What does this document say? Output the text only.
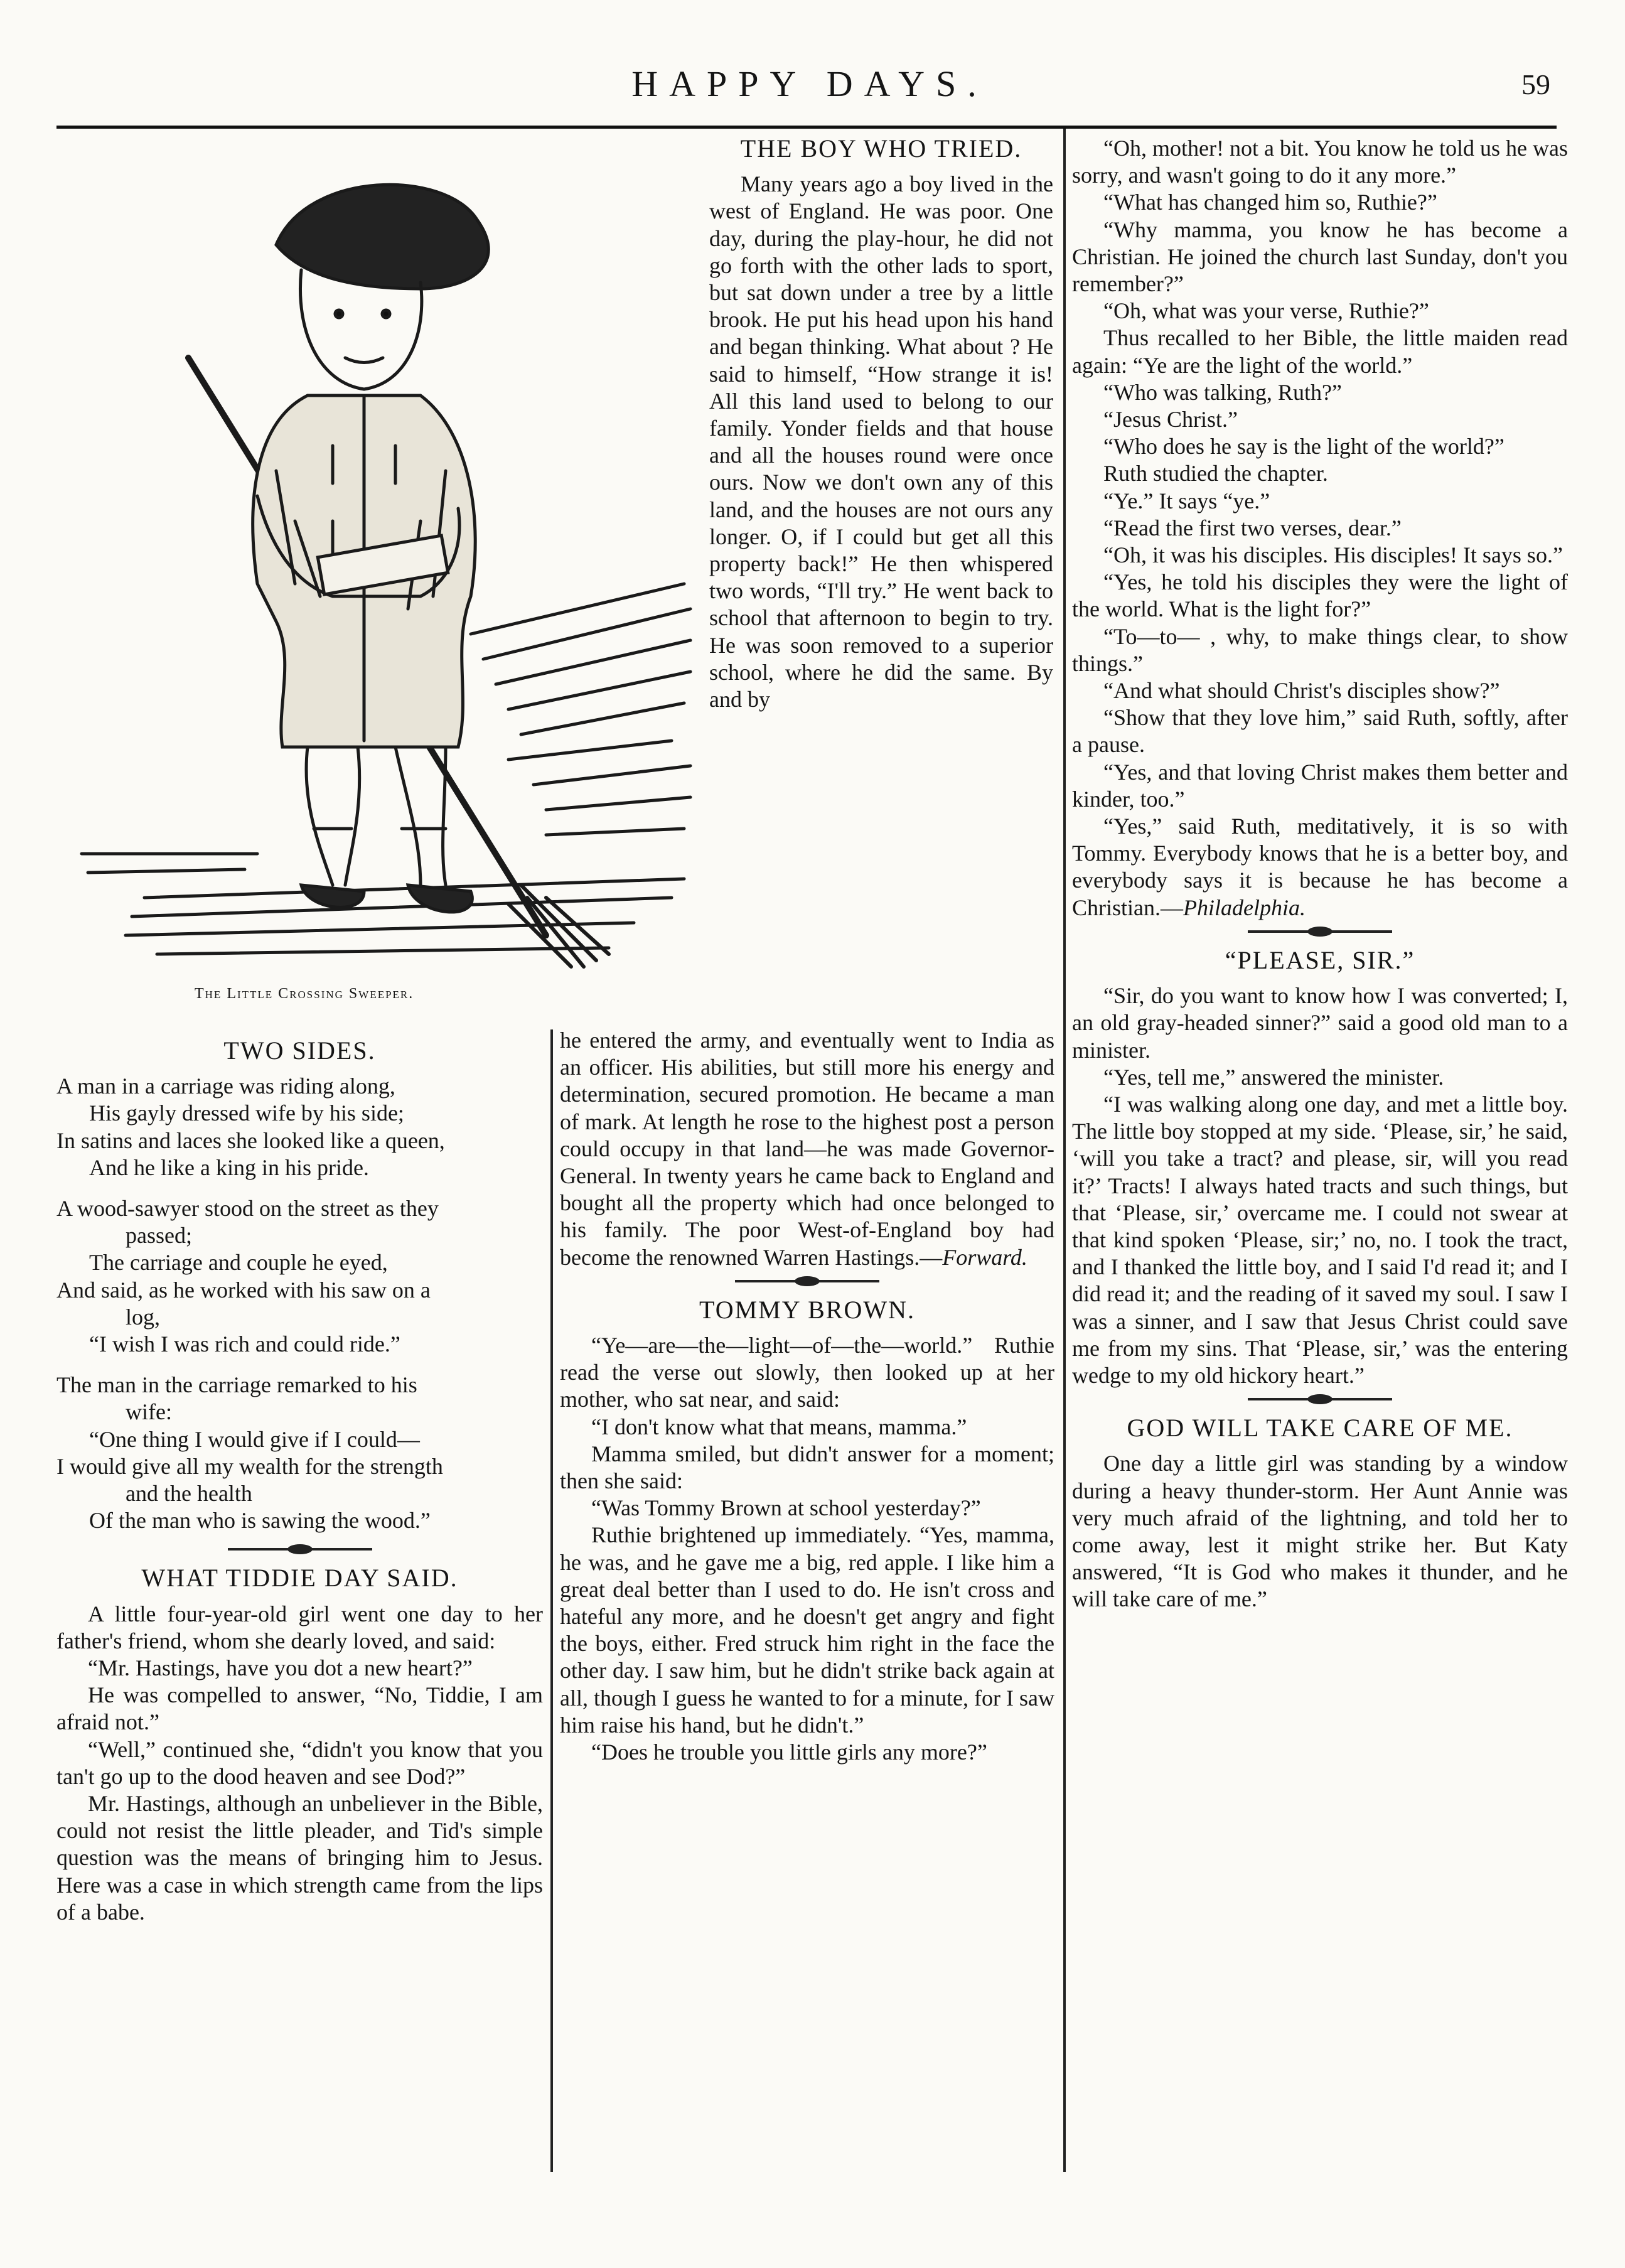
HAPPY DAYS.	59
The Little Crossing Sweeper.
TWO SIDES.
A man in a carriage was riding along,
His gayly dressed wife by his side;
In satins and laces she looked like a queen,
And he like a king in his pride.
A wood-sawyer stood on the street as they
passed;
The carriage and couple he eyed,
And said, as he worked with his saw on a
log,
“I wish I was rich and could ride.”
The man in the carriage remarked to his
wife:
“One thing I would give if I could—
I would give all my wealth for the strength
and the health
Of the man who is sawing the wood.”
WHAT TIDDIE DAY SAID.

A little four-year-old girl went one day to her father's friend, whom she dearly loved, and said:

“Mr. Hastings, have you dot a new heart?”

He was compelled to answer, “No, Tiddie, I am afraid not.”

“Well,” continued she, “didn't you know that you tan't go up to the dood heaven and see Dod?”

Mr. Hastings, although an unbeliever in the Bible, could not resist the little pleader, and Tid's simple question was the means of bringing him to Jesus. Here was a case in which strength came from the lips of a babe.

THE BOY WHO TRIED.

Many years ago a boy lived in the west of England. He was poor. One day, during the play-hour, he did not go forth with the other lads to sport, but sat down under a tree by a little brook. He put his head upon his hand and began thinking. What about ? He said to himself, “How strange it is! All this land used to belong to our family. Yonder fields and that house and all the houses round were once ours. Now we don't own any of this land, and the houses are not ours any longer. O, if I could but get all this property back!” He then whispered two words, “I'll try.” He went back to school that afternoon to begin to try. He was soon removed to a superior school, where he did the same. By and by

he entered the army, and eventually went to India as an officer. His abilities, but still more his energy and determination, secured promotion. He became a man of mark. At length he rose to the highest post a person could occupy in that land—he was made Governor-General. In twenty years he came back to England and bought all the property which had once belonged to his family. The poor West-of-England boy had become the renowned Warren Hastings.—Forward.

TOMMY BROWN.

“Ye—are—the—light—of—the—world.” Ruthie read the verse out slowly, then looked up at her mother, who sat near, and said:

“I don't know what that means, mamma.”

Mamma smiled, but didn't answer for a moment; then she said:

“Was Tommy Brown at school yesterday?”

Ruthie brightened up immediately. “Yes, mamma, he was, and he gave me a big, red apple. I like him a great deal better than I used to do. He isn't cross and hateful any more, and he doesn't get angry and fight the boys, either. Fred struck him right in the face the other day. I saw him, but he didn't strike back again at all, though I guess he wanted to for a minute, for I saw him raise his hand, but he didn't.”

“Does he trouble you little girls any more?”

“Oh, mother! not a bit. You know he told us he was sorry, and wasn't going to do it any more.”

“What has changed him so, Ruthie?”

“Why mamma, you know he has become a Christian. He joined the church last Sunday, don't you remember?”

“Oh, what was your verse, Ruthie?”

Thus recalled to her Bible, the little maiden read again: “Ye are the light of the world.”

“Who was talking, Ruth?”

“Jesus Christ.”

“Who does he say is the light of the world?”

Ruth studied the chapter.

“Ye.” It says “ye.”

“Read the first two verses, dear.”

“Oh, it was his disciples. His disciples! It says so.”

“Yes, he told his disciples they were the light of the world. What is the light for?”

“To—to— , why, to make things clear, to show things.”

“And what should Christ's disciples show?”

“Show that they love him,” said Ruth, softly, after a pause.

“Yes, and that loving Christ makes them better and kinder, too.”

“Yes,” said Ruth, meditatively, it is so with Tommy. Everybody knows that he is a better boy, and everybody says it is because he has become a Christian.—Philadelphia.

“PLEASE, SIR.”

“Sir, do you want to know how I was converted; I, an old gray-headed sinner?” said a good old man to a minister.

“Yes, tell me,” answered the minister.

“I was walking along one day, and met a little boy. The little boy stopped at my side. ‘Please, sir,’ he said, ‘will you take a tract? and please, sir, will you read it?’ Tracts! I always hated tracts and such things, but that ‘Please, sir,’ overcame me. I could not swear at that kind spoken ‘Please, sir;’ no, no. I took the tract, and I thanked the little boy, and I said I'd read it; and I did read it; and the reading of it saved my soul. I saw I was a sinner, and I saw that Jesus Christ could save me from my sins. That ‘Please, sir,’ was the entering wedge to my old hickory heart.”

GOD WILL TAKE CARE OF ME.

One day a little girl was standing by a window during a heavy thunder-storm. Her Aunt Annie was very much afraid of the lightning, and told her to come away, lest it might strike her. But Katy answered, “It is God who makes it thunder, and he will take care of me.”
